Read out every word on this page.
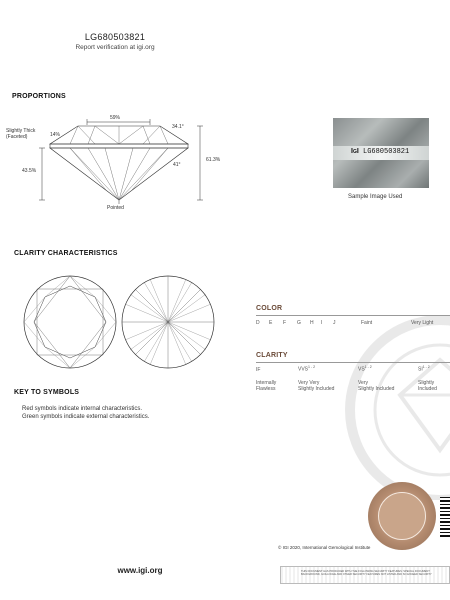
LG680503821
Report verification at igi.org
PROPORTIONS
59%
34.1°
Slightly Thick
(Faceted)	14%
43.5%
61.3%
41°
Pointed
IGI LG680503821
Sample Image Used
CLARITY CHARACTERISTICS
KEY TO SYMBOLS
Red symbols indicate internal characteristics.
Green symbols indicate external characteristics.
COLOR
D E F G H I J	Faint	Very Light
CLARITY
IF
Internally
Flawless
VVS$^{1 - 2}$
Very Very
Slightly Included
VS$^{1 - 2}$
Very
Slightly Included
SI$^{1 - 2}$
Slightly
Included
© IGI 2020, International Gemological Institute
www.igi.org	THIS DOCUMENT HAS PRODUCED WITH THE FOLLOWING SECURITY FEATURES: SPECIAL DOCUMENT BACKGROUND, GUILLOCHE AND OTHER SECURITY FEATURES NOT LISTED AND SO EXCEED SECURITY
